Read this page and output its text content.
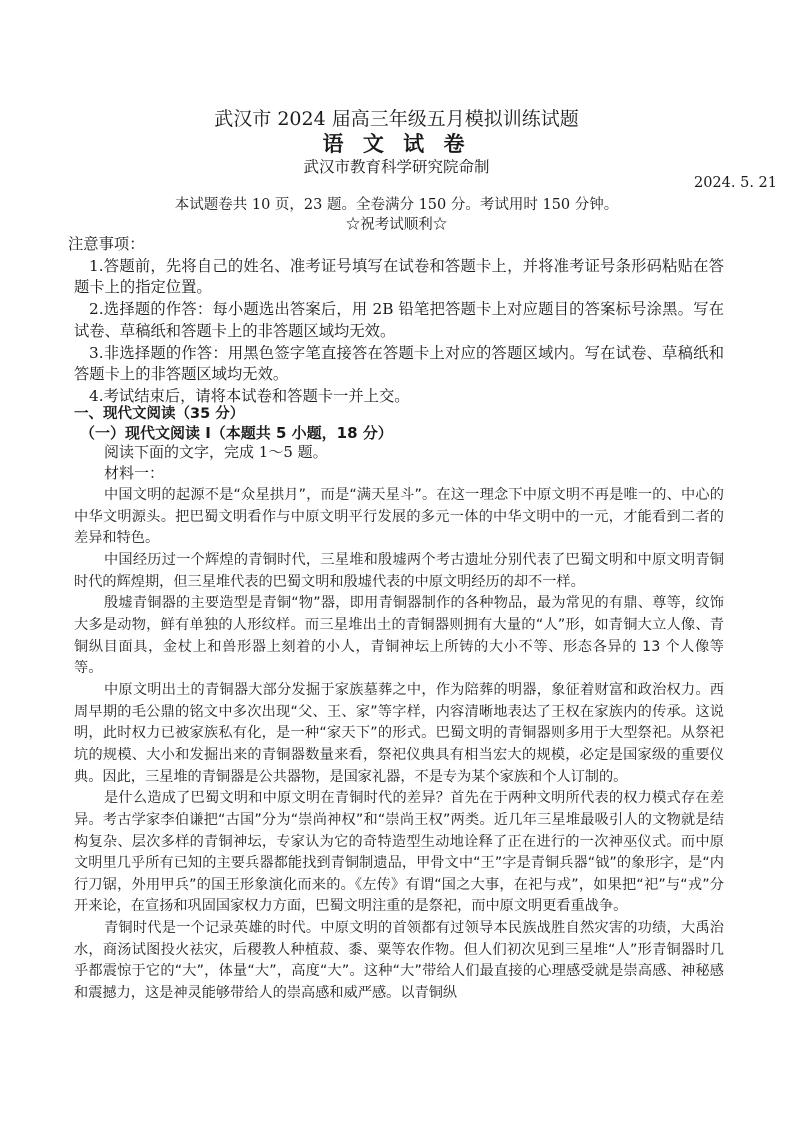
武汉市 2024 届高三年级五月模拟训练试题
语 文 试 卷
武汉市教育科学研究院命制
2024. 5. 21
本试题卷共 10 页，23 题。全卷满分 150 分。考试用时 150 分钟。
☆祝考试顺利☆

注意事项：

1.答题前，先将自己的姓名、准考证号填写在试卷和答题卡上，并将准考证号条形码粘贴在答题卡上的指定位置。

2.选择题的作答：每小题选出答案后，用 2B 铅笔把答题卡上对应题目的答案标号涂黑。写在试卷、草稿纸和答题卡上的非答题区域均无效。

3.非选择题的作答：用黑色签字笔直接答在答题卡上对应的答题区域内。写在试卷、草稿纸和答题卡上的非答题区域均无效。

4.考试结束后，请将本试卷和答题卡一并上交。

一、现代文阅读（35 分）
（一）现代文阅读 I（本题共 5 小题，18 分）

阅读下面的文字，完成 1～5 题。

材料一：

中国文明的起源不是“众星拱月”，而是“满天星斗”。在这一理念下中原文明不再是唯一的、中心的中华文明源头。把巴蜀文明看作与中原文明平行发展的多元一体的中华文明中的一元，才能看到二者的差异和特色。

中国经历过一个辉煌的青铜时代，三星堆和殷墟两个考古遗址分别代表了巴蜀文明和中原文明青铜时代的辉煌期，但三星堆代表的巴蜀文明和殷墟代表的中原文明经历的却不一样。

殷墟青铜器的主要造型是青铜“物”器，即用青铜器制作的各种物品，最为常见的有鼎、尊等，纹饰大多是动物，鲜有单独的人形纹样。而三星堆出土的青铜器则拥有大量的“人”形，如青铜大立人像、青铜纵目面具，金杖上和兽形器上刻着的小人，青铜神坛上所铸的大小不等、形态各异的 13 个人像等等。

中原文明出土的青铜器大部分发掘于家族墓葬之中，作为陪葬的明器，象征着财富和政治权力。西周早期的毛公鼎的铭文中多次出现“父、王、家”等字样，内容清晰地表达了王权在家族内的传承。这说明，此时权力已被家族私有化，是一种“家天下”的形式。巴蜀文明的青铜器则多用于大型祭祀。从祭祀坑的规模、大小和发掘出来的青铜器数量来看，祭祀仪典具有相当宏大的规模，必定是国家级的重要仪典。因此，三星堆的青铜器是公共器物，是国家礼器，不是专为某个家族和个人订制的。

是什么造成了巴蜀文明和中原文明在青铜时代的差异？首先在于两种文明所代表的权力模式存在差异。考古学家李伯谦把“古国”分为“崇尚神权”和“崇尚王权”两类。近几年三星堆最吸引人的文物就是结构复杂、层次多样的青铜神坛，专家认为它的奇特造型生动地诠释了正在进行的一次神巫仪式。而中原文明里几乎所有已知的主要兵器都能找到青铜制遗品，甲骨文中“王”字是青铜兵器“钺”的象形字，是“内行刀锯，外用甲兵”的国王形象演化而来的。《左传》有谓“国之大事，在祀与戎”，如果把“祀”与“戎”分开来论，在宣扬和巩固国家权力方面，巴蜀文明注重的是祭祀，而中原文明更看重战争。

青铜时代是一个记录英雄的时代。中原文明的首领都有过领导本民族战胜自然灾害的功绩，大禹治水，商汤试图投火祛灾，后稷教人种植菽、黍、粟等农作物。但人们初次见到三星堆“人”形青铜器时几乎都震惊于它的“大”，体量“大”，高度“大”。这种“大”带给人们最直接的心理感受就是崇高感、神秘感和震撼力，这是神灵能够带给人的崇高感和威严感。以青铜纵
